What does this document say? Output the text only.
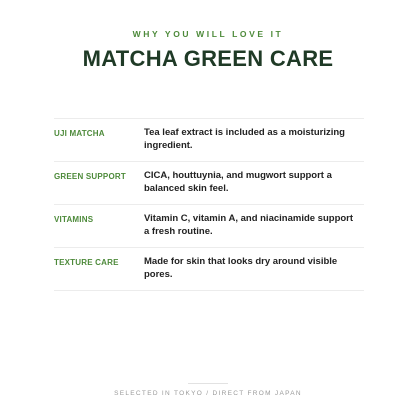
WHY YOU WILL LOVE IT
MATCHA GREEN CARE
UJI MATCHA	Tea leaf extract is included as a moisturizing ingredient.
GREEN SUPPORT	CICA, houttuynia, and mugwort support a balanced skin feel.
VITAMINS	Vitamin C, vitamin A, and niacinamide support a fresh routine.
TEXTURE CARE	Made for skin that looks dry around visible pores.
SELECTED IN TOKYO / DIRECT FROM JAPAN
